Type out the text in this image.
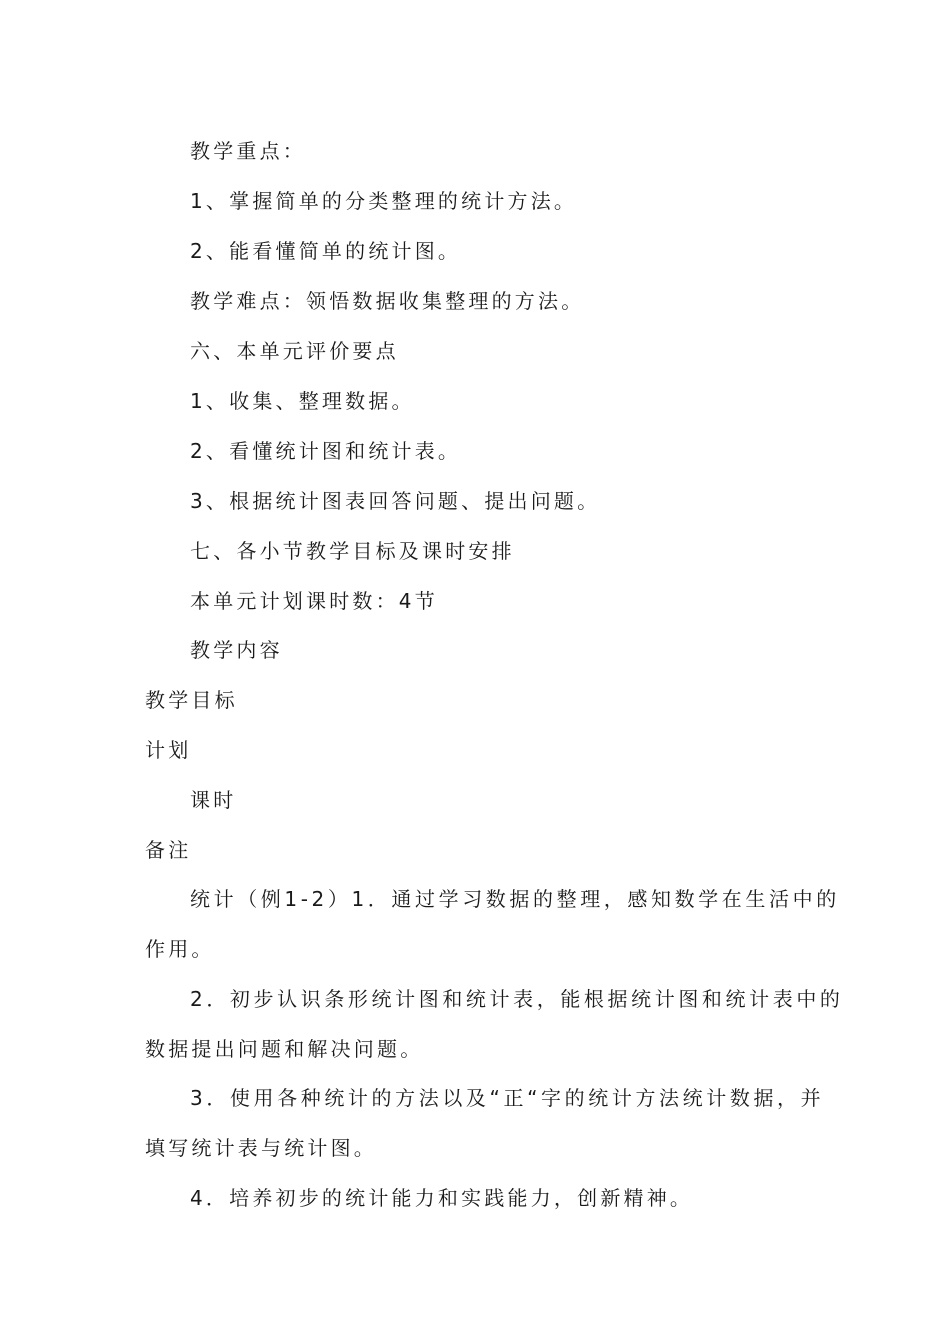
教学重点：
1、掌握简单的分类整理的统计方法。
2、能看懂简单的统计图。
教学难点：领悟数据收集整理的方法。
六、本单元评价要点
1、收集、整理数据。
2、看懂统计图和统计表。
3、根据统计图表回答问题、提出问题。
七、各小节教学目标及课时安排
本单元计划课时数：4节
教学内容
教学目标
计划
课时
备注
统计（例1-2）1．通过学习数据的整理，感知数学在生活中的
作用。
2．初步认识条形统计图和统计表，能根据统计图和统计表中的
数据提出问题和解决问题。
3．使用各种统计的方法以及“正“字的统计方法统计数据，并
填写统计表与统计图。
4．培养初步的统计能力和实践能力，创新精神。
